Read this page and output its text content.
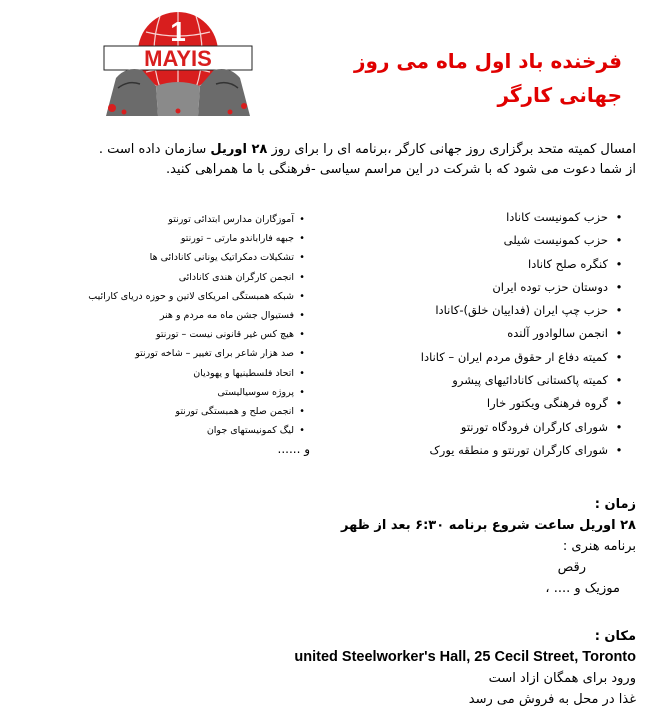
1
MAYIS	فرخنده باد اول ماه می روز
جهانی کارگر
امسال کمیته متحد برگزاری روز جهانی کارگر ،برنامه ای را برای روز ۲۸ اوریل سازمان داده است .
از شما دعوت می شود که با شرکت در این مراسم سیاسی -فرهنگی با ما همراهی کنید.
• حزب کمونیست کانادا
• حزب کمونیست شیلی
• کنگره صلح کانادا
• دوستان حزب توده ایران
• حزب چپ ایران (فداییان خلق)-کانادا
• انجمن سالوادور آلنده
• کمیته دفاع ار حقوق مردم ایران – کانادا
• کمیته پاکستانی کانادائیهای پیشرو
• گروه فرهنگی ویکتور خارا
• شورای کارگران فرودگاه تورنتو
• شورای کارگران تورنتو و منطقه یورک
• آموزگاران مدارس ابتدائی تورنتو
• جبهه فاراباندو مارتی – تورنتو
• تشکیلات دمکراتیک یونانی کانادائی ها
• انجمن کارگران هندی کانادائی
• شبکه همبستگی امریکای لاتین و حوزه دریای کارائیب
• فستیوال جشن ماه مه مردم و هنر
• هیچ کس غیر قانونی نیست – تورنتو
• صد هزار شاعر برای تغییر – شاخه تورنتو
• اتحاد فلسطینیها و یهودیان
• پروژه سوسیالیستی
• انجمن صلح و همبستگی تورنتو
• لیگ کمونیستهای جوان
و ......
زمان :
۲۸ اوریل ساعت شروع برنامه ۶:۳۰ بعد از ظهر
برنامه هنری :
رقص
موزیک و .... ،
مکان :
united Steelworker's Hall, 25 Cecil Street, Toronto
ورود برای همگان ازاد است
غذا در محل به فروش می رسد
